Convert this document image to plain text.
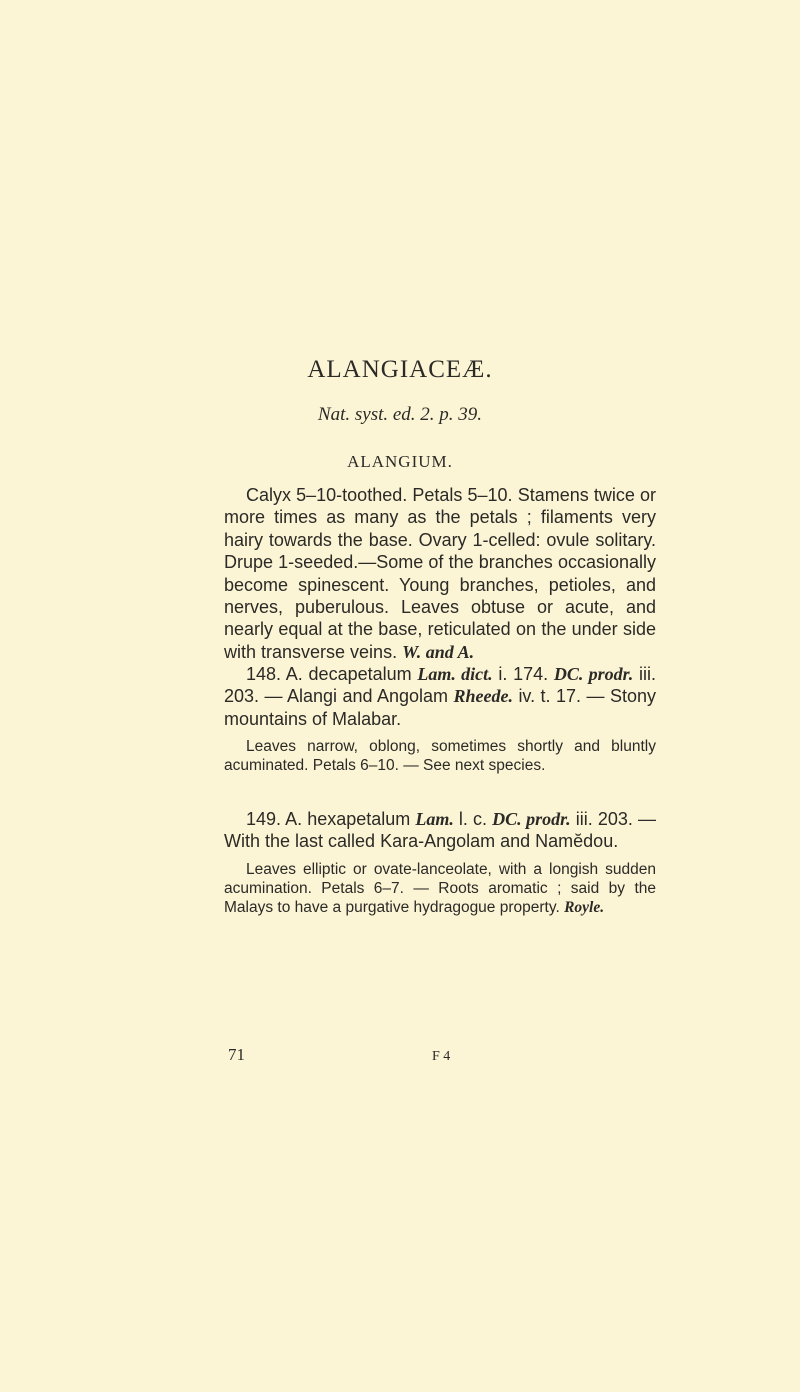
ALANGIACEÆ.
Nat. syst. ed. 2. p. 39.
ALANGIUM.

Calyx 5–10-toothed. Petals 5–10. Stamens twice or more times as many as the petals ; filaments very hairy towards the base. Ovary 1-celled: ovule solitary. Drupe 1-seeded.—Some of the branches occasionally become spinescent. Young branches, petioles, and nerves, puberulous. Leaves obtuse or acute, and nearly equal at the base, reticulated on the under side with transverse veins. W. and A.

148. A. decapetalum Lam. dict. i. 174. DC. prodr. iii. 203. — Alangi and Angolam Rheede. iv. t. 17. — Stony mountains of Malabar.

Leaves narrow, oblong, sometimes shortly and bluntly acuminated. Petals 6–10. — See next species.

149. A. hexapetalum Lam. l. c. DC. prodr. iii. 203. — With the last called Kara-Angolam and Namĕdou.

Leaves elliptic or ovate-lanceolate, with a longish sudden acumination. Petals 6–7. — Roots aromatic ; said by the Malays to have a purgative hydragogue property. Royle.

71	F 4
